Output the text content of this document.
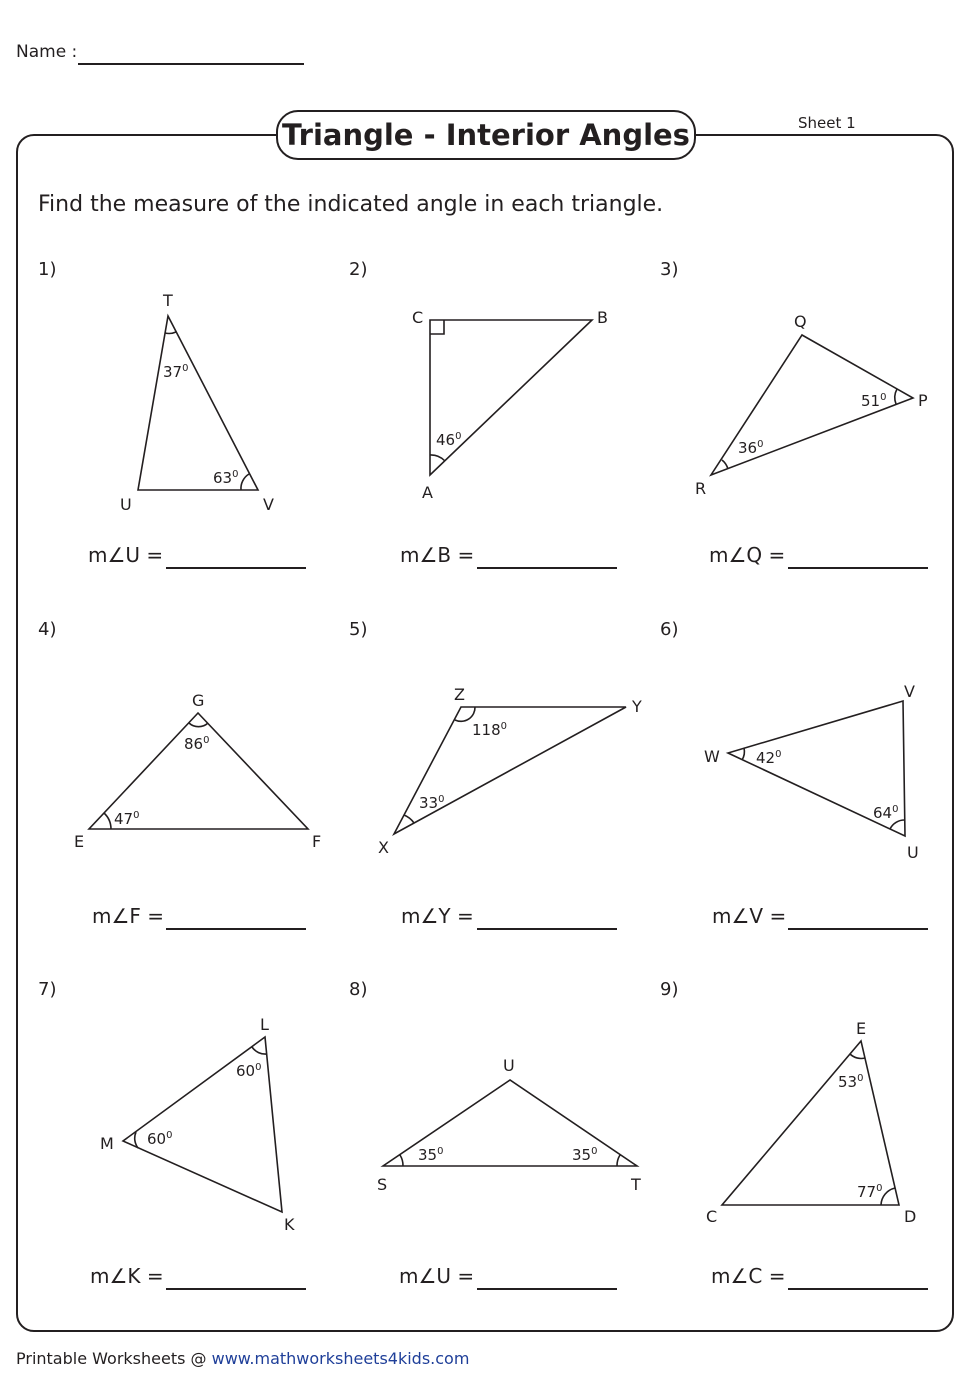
Name :
Sheet 1
Triangle - Interior Angles
Find the measure of the indicated angle in each triangle.
1)	2)	3)
4)	5)	6)
7)	8)	9)
m∠U =	m∠B =	m∠Q =
m∠F =	m∠Y =	m∠V =
m∠K =	m∠U =	m∠C =
T
U	V
C	B
A
Q
P
R
G
E	F
Z
Y
X
V
W
U
L
M
K
U
S	T
E
C	D
$37^0$
$63^0$
$46^0$
$51^0$
$36^0$
$86^0$
$47^0$
$118^0$
$33^0$
$42^0$
$64^0$
$60^0$
$60^0$
$35^0$	$35^0$
$53^0$
$77^0$
Printable Worksheets @ www.mathworksheets4kids.com
